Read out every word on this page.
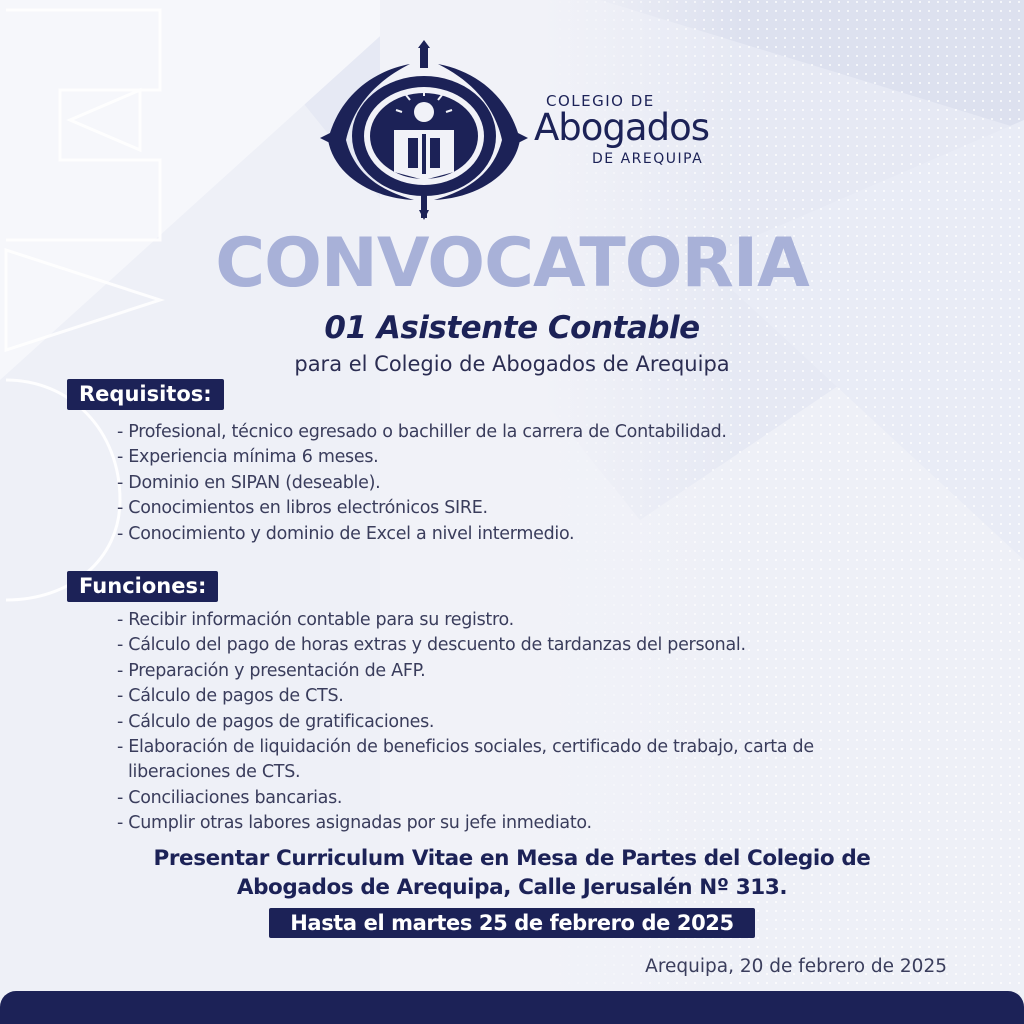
COLEGIO DE
Abogados
DE AREQUIPA
CONVOCATORIA
01 Asistente Contable
para el Colegio de Abogados de Arequipa
Requisitos:
- Profesional, técnico egresado o bachiller de la carrera de Contabilidad.
- Experiencia mínima 6 meses.
- Dominio en SIPAN (deseable).
- Conocimientos en libros electrónicos SIRE.
- Conocimiento y dominio de Excel a nivel intermedio.
Funciones:
- Recibir información contable para su registro.
- Cálculo del pago de horas extras y descuento de tardanzas del personal.
- Preparación y presentación de AFP.
- Cálculo de pagos de CTS.
- Cálculo de pagos de gratificaciones.
- Elaboración de liquidación de beneficios sociales, certificado de trabajo, carta de liberaciones de CTS.
- Conciliaciones bancarias.
- Cumplir otras labores asignadas por su jefe inmediato.
Presentar Curriculum Vitae en Mesa de Partes del Colegio de
Abogados de Arequipa, Calle Jerusalén Nº 313.
Hasta el martes 25 de febrero de 2025
Arequipa, 20 de febrero de 2025
